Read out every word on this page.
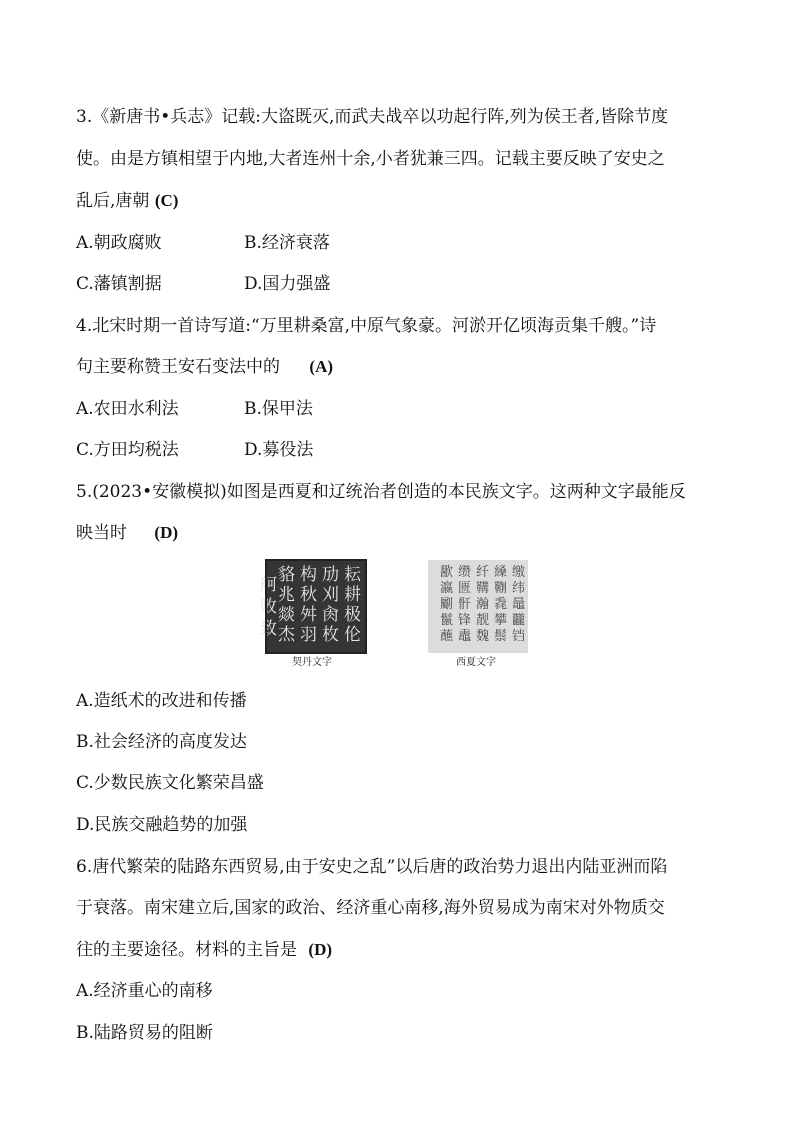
3.《新唐书•兵志》记载:大盗既灭,而武夫战卒以功起行阵,列为侯王者,皆除节度
使。由是方镇相望于内地,大者连州十余,小者犹兼三四。记载主要反映了安史之
乱后,唐朝 (C)
A.朝政腐败	B.经济衰落
C.藩镇割据	D.国力强盛
4.北宋时期一首诗写道:“万里耕桑富,中原气象豪。河淤开亿顷海贡集千艘。”诗
句主要称赞王安石变法中的 (A)
A.农田水利法	B.保甲法
C.方田均税法	D.募役法
5.(2023•安徽模拟)如图是西夏和辽统治者创造的本民族文字。这两种文字最能反
映当时 (D)
耘
耕
极
伦
劢
刈
肏
枚
构
秋
舛
羽
貉
兆
燚
杰
舸
败
致
契丹文字
缴
纬
鼂
龖
铛
縔
鞩
毳
攀
鬃
纤
鞲
瀚
靓
魏
缵
匮
骭
锋
鼃
歠
瀛
劚
鬣
蘸
西夏文字
A.造纸术的改进和传播
B.社会经济的高度发达
C.少数民族文化繁荣昌盛
D.民族交融趋势的加强
6.唐代繁荣的陆路东西贸易,由于安史之乱”以后唐的政治势力退出内陆亚洲而陷
于衰落。南宋建立后,国家的政治、经济重心南移,海外贸易成为南宋对外物质交
往的主要途径。材料的主旨是 (D)
A.经济重心的南移
B.陆路贸易的阻断
